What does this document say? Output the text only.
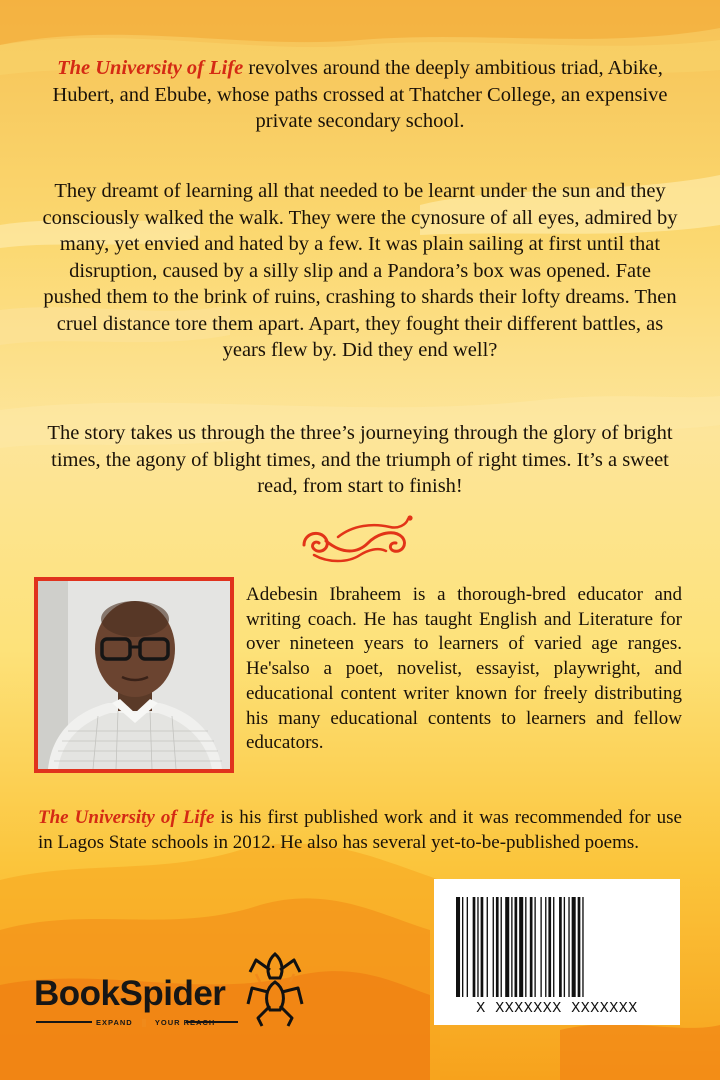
The University of Life revolves around the deeply ambitious triad, Abike, Hubert, and Ebube, whose paths crossed at Thatcher College, an expensive private secondary school.
They dreamt of learning all that needed to be learnt under the sun and they consciously walked the walk. They were the cynosure of all eyes, admired by many, yet envied and hated by a few. It was plain sailing at first until that disruption, caused by a silly slip and a Pandora’s box was opened. Fate pushed them to the brink of ruins, crashing to shards their lofty dreams. Then cruel distance tore them apart. Apart, they fought their different battles, as years flew by. Did they end well?
The story takes us through the three’s journeying through the glory of bright times, the agony of blight times, and the triumph of right times. It’s a sweet read, from start to finish!
Adebesin Ibraheem is a thorough-bred educator and writing coach. He has taught English and Literature for over nineteen years to learners of varied age ranges. He'salso a poet, novelist, essayist, playwright, and educational content writer known for freely distributing his many educational contents to learners and fellow educators.
The University of Life is his first published work and it was recommended for use in Lagos State schools in 2012. He also has several yet-to-be-published poems.
X XXXXXXX XXXXXXX
BookSpider
EXPAND	YOUR REACH
